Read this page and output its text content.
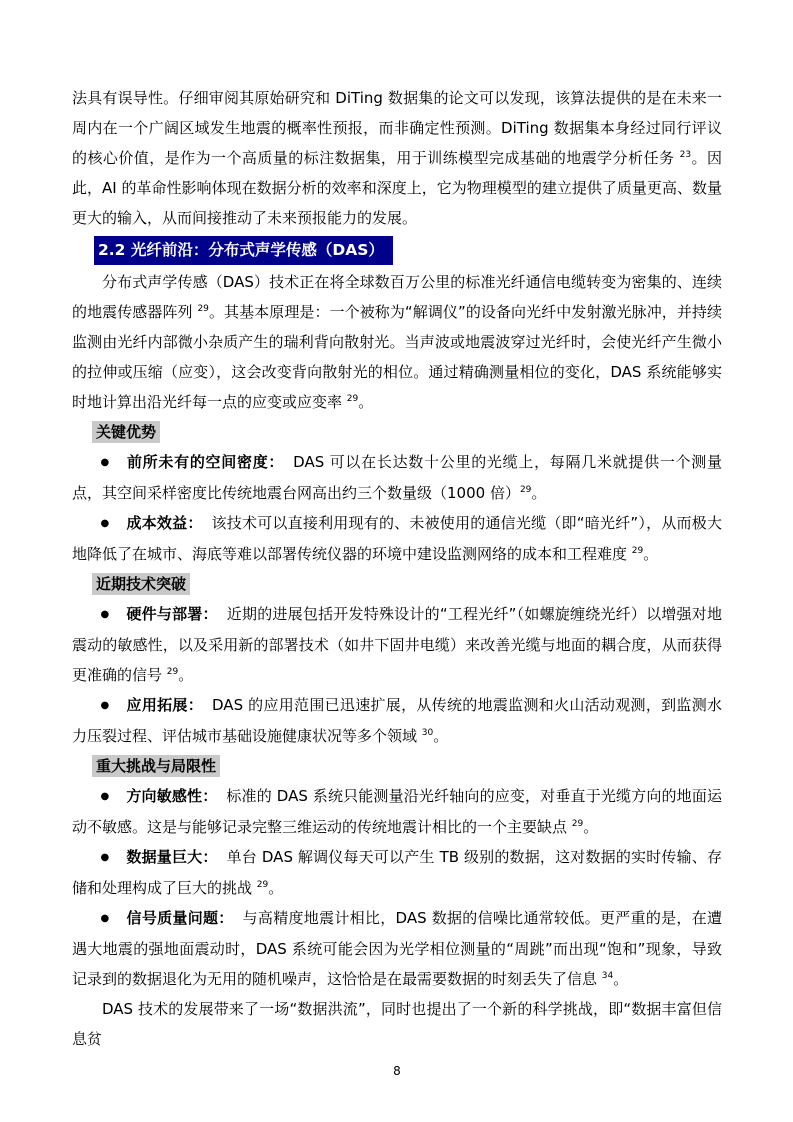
法具有误导性。仔细审阅其原始研究和 DiTing 数据集的论文可以发现，该算法提供的是在未来一周内在一个广阔区域发生地震的概率性预报，而非确定性预测。DiTing 数据集本身经过同行评议的核心价值，是作为一个高质量的标注数据集，用于训练模型完成基础的地震学分析任务 $^{23}$。因此，AI 的革命性影响体现在数据分析的效率和深度上，它为物理模型的建立提供了质量更高、数量更大的输入，从而间接推动了未来预报能力的发展。

2.2 光纤前沿：分布式声学传感（DAS）

分布式声学传感（DAS）技术正在将全球数百万公里的标准光纤通信电缆转变为密集的、连续的地震传感器阵列 $^{29}$。其基本原理是：一个被称为“解调仪”的设备向光纤中发射激光脉冲，并持续监测由光纤内部微小杂质产生的瑞利背向散射光。当声波或地震波穿过光纤时，会使光纤产生微小的拉伸或压缩（应变），这会改变背向散射光的相位。通过精确测量相位的变化，DAS 系统能够实时地计算出沿光纤每一点的应变或应变率 $^{29}$。

关键优势

● 前所未有的空间密度： DAS 可以在长达数十公里的光缆上，每隔几米就提供一个测量点，其空间采样密度比传统地震台网高出约三个数量级（1000 倍）$^{29}$。

● 成本效益： 该技术可以直接利用现有的、未被使用的通信光缆（即“暗光纤”），从而极大地降低了在城市、海底等难以部署传统仪器的环境中建设监测网络的成本和工程难度 $^{29}$。

近期技术突破

● 硬件与部署： 近期的进展包括开发特殊设计的“工程光纤”（如螺旋缠绕光纤）以增强对地震动的敏感性，以及采用新的部署技术（如井下固井电缆）来改善光缆与地面的耦合度，从而获得更准确的信号 $^{29}$。

● 应用拓展： DAS 的应用范围已迅速扩展，从传统的地震监测和火山活动观测，到监测水力压裂过程、评估城市基础设施健康状况等多个领域 $^{30}$。

重大挑战与局限性

● 方向敏感性： 标准的 DAS 系统只能测量沿光纤轴向的应变，对垂直于光缆方向的地面运动不敏感。这是与能够记录完整三维运动的传统地震计相比的一个主要缺点 $^{29}$。

● 数据量巨大： 单台 DAS 解调仪每天可以产生 TB 级别的数据，这对数据的实时传输、存储和处理构成了巨大的挑战 $^{29}$。

● 信号质量问题： 与高精度地震计相比，DAS 数据的信噪比通常较低。更严重的是，在遭遇大地震的强地面震动时，DAS 系统可能会因为光学相位测量的“周跳”而出现“饱和”现象，导致记录到的数据退化为无用的随机噪声，这恰恰是在最需要数据的时刻丢失了信息 $^{34}$。

DAS 技术的发展带来了一场“数据洪流”，同时也提出了一个新的科学挑战，即“数据丰富但信息贫

8
